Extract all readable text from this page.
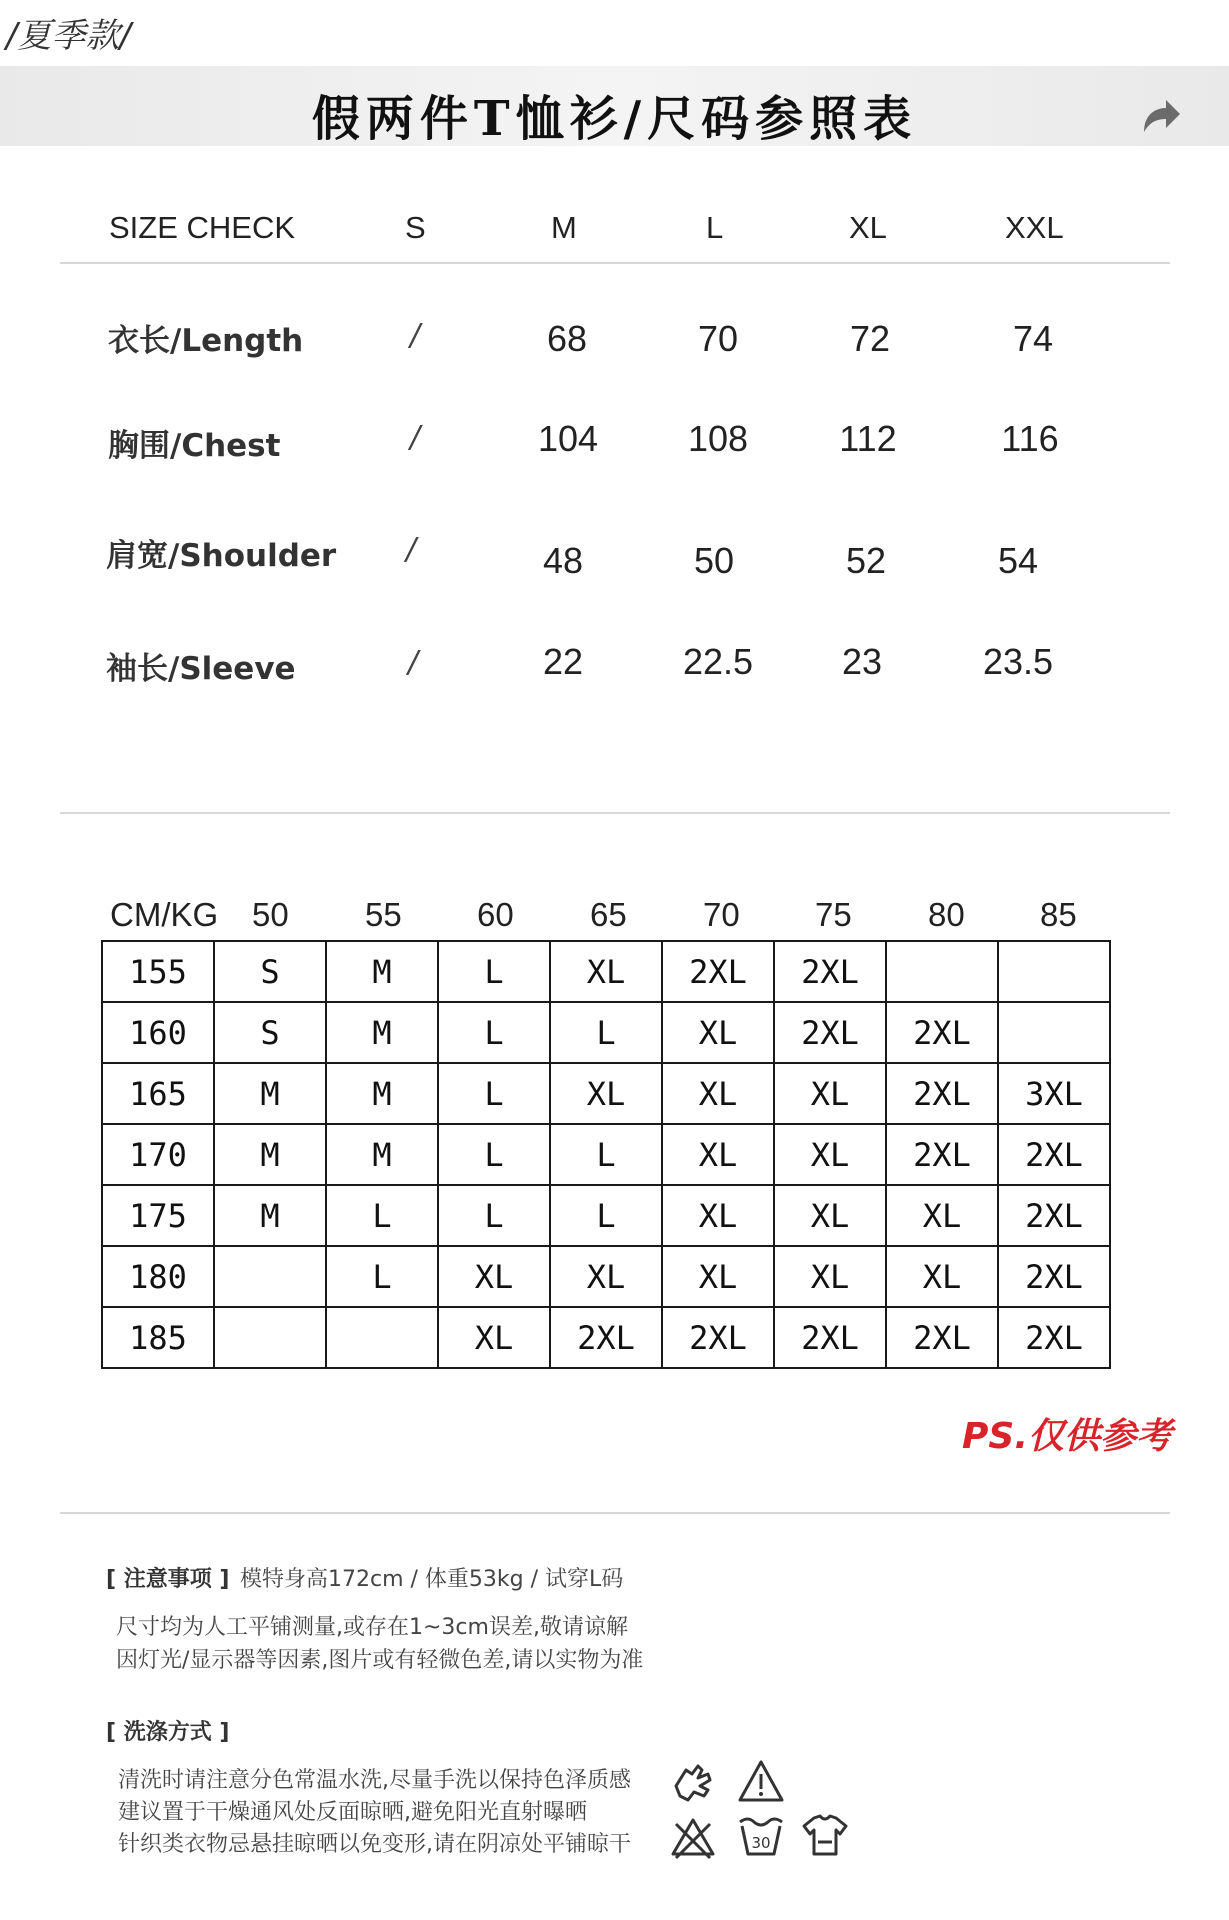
/夏季款/
假两件T恤衫/尺码参照表
SIZE CHECK	S	M	L	XL	XXL
衣长/Length	/	68	70	72	74
胸围/Chest	/	104	108	112	116
肩宽/Shoulder /	48	50	52	54
袖长/Sleeve	/	22	22.5	23	23.5
CM/KG 50 55 60 65 70 75 80 85
155	S	M	L	XL	2XL	2XL		
160	S	M	L	L	XL	2XL	2XL	
165	M	M	L	XL	XL	XL	2XL	3XL
170	M	M	L	L	XL	XL	2XL	2XL
175	M	L	L	L	XL	XL	XL	2XL
180		L	XL	XL	XL	XL	XL	2XL
185			XL	2XL	2XL	2XL	2XL	2XL
PS.仅供参考
[ 注意事项 ] 模特身高172cm / 体重53kg / 试穿L码
尺寸均为人工平铺测量,或存在1~3cm误差,敬请谅解
因灯光/显示器等因素,图片或有轻微色差,请以实物为准
[ 洗涤方式 ]
清洗时请注意分色常温水洗,尽量手洗以保持色泽质感
建议置于干燥通风处反面晾晒,避免阳光直射曝晒
针织类衣物忌悬挂晾晒以免变形,请在阴凉处平铺晾干	30
